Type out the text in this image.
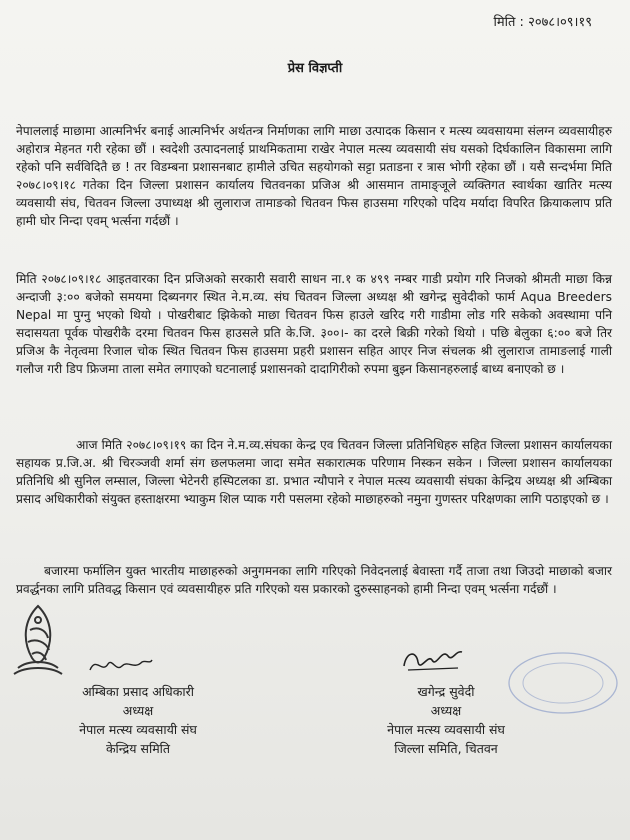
मिति : २०७८।०९।१९
प्रेस विज्ञप्ती

नेपाललाई माछामा आत्मनिर्भर बनाई आत्मनिर्भर अर्थतन्त्र निर्माणका लागि माछा उत्पादक किसान र मत्स्य व्यवसायमा संलग्न व्यवसायीहरु अहोरात्र मेहनत गरी रहेका छौं । स्वदेशी उत्पादनलाई प्राथमिकतामा राखेर नेपाल मत्स्य व्यवसायी संघ यसको दिर्घकालिन विकासमा लागि रहेको पनि सर्वविदितै छ ! तर विडम्बना प्रशासनबाट हामीले उचित सहयोगको सट्टा प्रताडना र त्रास भोगी रहेका छौं । यसै सन्दर्भमा मिति २०७८।०९।१८ गतेका दिन जिल्ला प्रशासन कार्यालय चितवनका प्रजिअ श्री आसमान तामाङ्जूले व्यक्तिगत स्वार्थका खातिर मत्स्य व्यवसायी संघ, चितवन जिल्ला उपाध्यक्ष श्री लुलाराज तामाङको चितवन फिस हाउसमा गरिएको पदिय मर्यादा विपरित क्रियाकलाप प्रति हामी घोर निन्दा एवम् भर्त्सना गर्दछौं ।

मिति २०७८।०९।१८ आइतवारका दिन प्रजिअको सरकारी सवारी साधन ना.१ क ४९९ नम्बर गाडी प्रयोग गरि निजको श्रीमती माछा किन्न अन्दाजी ३:०० बजेको समयमा दिब्यनगर स्थित ने.म.व्य. संघ चितवन जिल्ला अध्यक्ष श्री खगेन्द्र सुवेदीको फार्म Aqua Breeders Nepal मा पुग्नु भएको थियो । पोखरीबाट झिकेको माछा चितवन फिस हाउले खरिद गरी गाडीमा लोड गरि सकेको अवस्थामा पनि सदासयता पूर्वक पोखरीकै दरमा चितवन फिस हाउसले प्रति के.जि. ३००।- का दरले बिक्री गरेको थियो । पछि बेलुका ६:०० बजे तिर प्रजिअ कै नेतृत्वमा रिजाल चोक स्थित चितवन फिस हाउसमा प्रहरी प्रशासन सहित आएर निज संचलक श्री लुलाराज तामाङलाई गाली गलौज गरी डिप फ्रिजमा ताला समेत लगाएको घटनालाई प्रशासनको दादागिरीको रुपमा बुझ्न किसानहरुलाई बाध्य बनाएको छ ।

आज मिति २०७८।०९।१९ का दिन ने.म.व्य.संघका केन्द्र एव चितवन जिल्ला प्रतिनिधिहरु सहित जिल्ला प्रशासन कार्यालयका सहायक प्र.जि.अ. श्री चिरञ्जवी शर्मा संग छलफलमा जादा समेत सकारात्मक परिणाम निस्कन सकेन । जिल्ला प्रशासन कार्यालयका प्रतिनिधि श्री सुनिल लम्साल, जिल्ला भेटेनरी हस्पिटलका डा. प्रभात न्यौपाने र नेपाल मत्स्य व्यवसायी संघका केन्द्रिय अध्यक्ष श्री अम्बिका प्रसाद अधिकारीको संयुक्त हस्ताक्षरमा भ्याकुम शिल प्याक गरी पसलमा रहेको माछाहरुको नमुना गुणस्तर परिक्षणका लागि पठाइएको छ ।

बजारमा फर्मालिन युक्त भारतीय माछाहरुको अनुगमनका लागि गरिएको निवेदनलाई बेवास्ता गर्दै ताजा तथा जिउदो माछाको बजार प्रवर्द्धनका लागि प्रतिवद्ध किसान एवं व्यवसायीहरु प्रति गरिएको यस प्रकारको दुरुस्साहनको हामी निन्दा एवम् भर्त्सना गर्दछौं ।

अम्बिका प्रसाद अधिकारी
अध्यक्ष
नेपाल मत्स्य व्यवसायी संघ
केन्द्रिय समिति
खगेन्द्र सुवेदी
अध्यक्ष
नेपाल मत्स्य व्यवसायी संघ
जिल्ला समिति, चितवन
